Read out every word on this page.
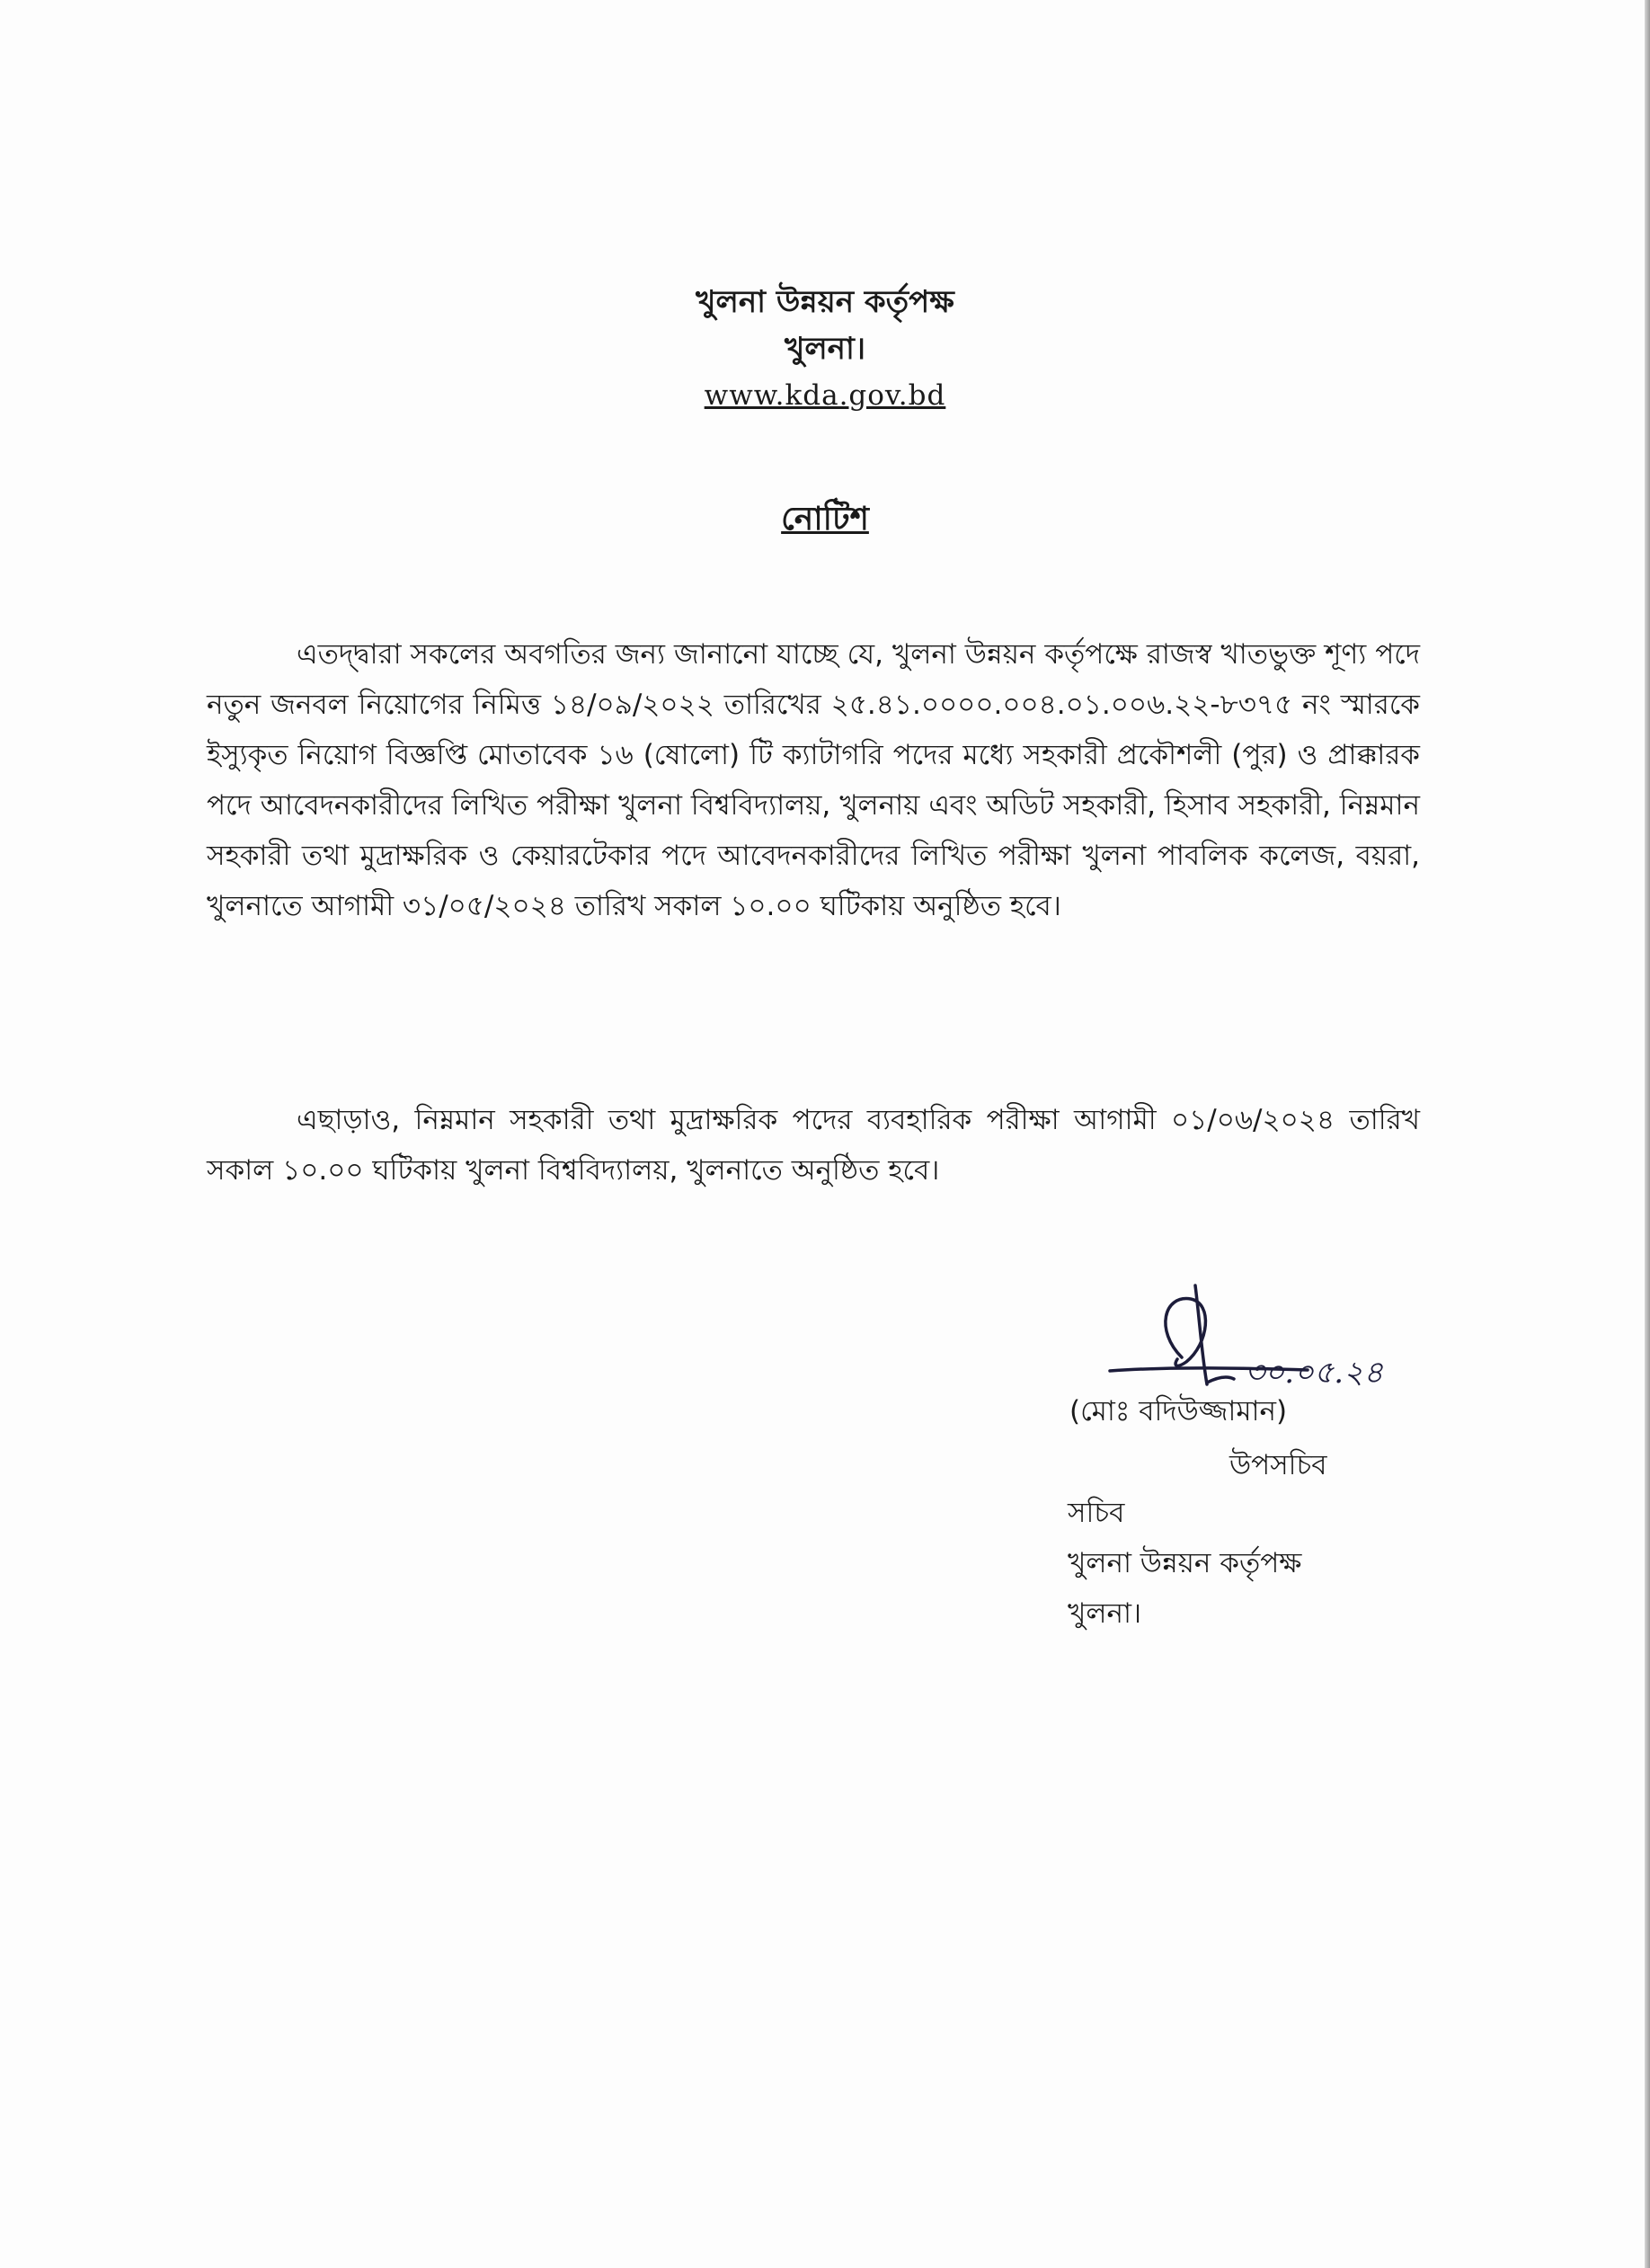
খুলনা উন্নয়ন কর্তৃপক্ষ
খুলনা।
www.kda.gov.bd
নোটিশ
এতদ্দ্বারা সকলের অবগতির জন্য জানানো যাচ্ছে যে, খুলনা উন্নয়ন কর্তৃপক্ষে রাজস্ব খাতভুক্ত শূণ্য পদে নতুন জনবল নিয়োগের নিমিত্ত ১৪/০৯/২০২২ তারিখের ২৫.৪১.০০০০.০০৪.০১.০০৬.২২-৮৩৭৫ নং স্মারকে ইস্যুকৃত নিয়োগ বিজ্ঞপ্তি মোতাবেক ১৬ (ষোলো) টি ক্যাটাগরি পদের মধ্যে সহকারী প্রকৌশলী (পুর) ও প্রাক্কারক পদে আবেদনকারীদের লিখিত পরীক্ষা খুলনা বিশ্ববিদ্যালয়, খুলনায় এবং অডিট সহকারী, হিসাব সহকারী, নিম্নমান সহকারী তথা মুদ্রাক্ষরিক ও কেয়ারটেকার পদে আবেদনকারীদের লিখিত পরীক্ষা খুলনা পাবলিক কলেজ, বয়রা, খুলনাতে আগামী ৩১/০৫/২০২৪ তারিখ সকাল ১০.০০ ঘটিকায় অনুষ্ঠিত হবে।
এছাড়াও, নিম্নমান সহকারী তথা মুদ্রাক্ষরিক পদের ব্যবহারিক পরীক্ষা আগামী ০১/০৬/২০২৪ তারিখ সকাল ১০.০০ ঘটিকায় খুলনা বিশ্ববিদ্যালয়, খুলনাতে অনুষ্ঠিত হবে।
৩০.০৫.২৪
(মোঃ বদিউজ্জামান)
উপসচিব
সচিব
খুলনা উন্নয়ন কর্তৃপক্ষ
খুলনা।
